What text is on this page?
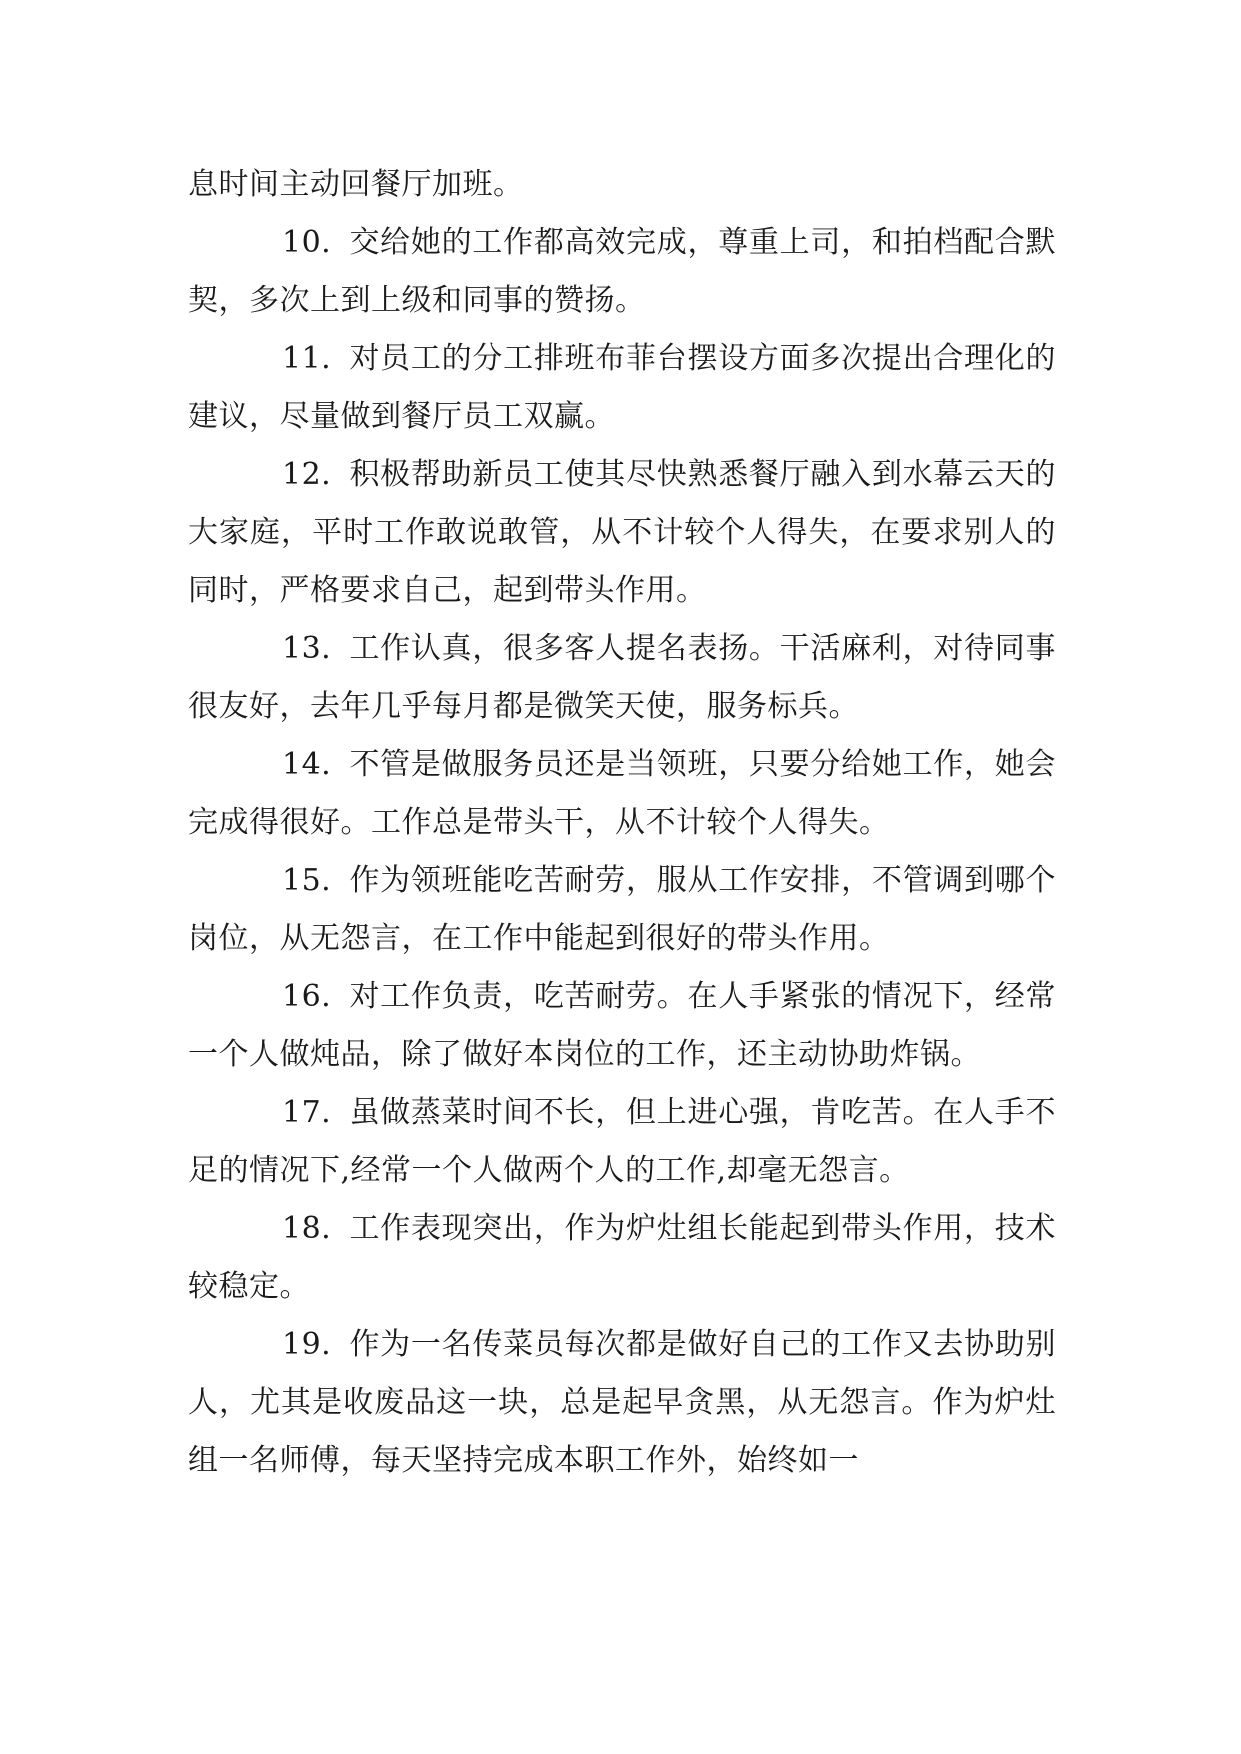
息时间主动回餐厅加班。

10. 交给她的工作都高效完成，尊重上司，和拍档配合默契，多次上到上级和同事的赞扬。

11. 对员工的分工排班布菲台摆设方面多次提出合理化的建议，尽量做到餐厅员工双赢。

12. 积极帮助新员工使其尽快熟悉餐厅融入到水幕云天的大家庭，平时工作敢说敢管，从不计较个人得失，在要求别人的同时，严格要求自己，起到带头作用。

13. 工作认真，很多客人提名表扬。干活麻利，对待同事很友好，去年几乎每月都是微笑天使，服务标兵。

14. 不管是做服务员还是当领班，只要分给她工作，她会完成得很好。工作总是带头干，从不计较个人得失。

15. 作为领班能吃苦耐劳，服从工作安排，不管调到哪个岗位，从无怨言，在工作中能起到很好的带头作用。

16. 对工作负责，吃苦耐劳。在人手紧张的情况下，经常一个人做炖品，除了做好本岗位的工作，还主动协助炸锅。

17. 虽做蒸菜时间不长，但上进心强，肯吃苦。在人手不足的情况下,经常一个人做两个人的工作,却毫无怨言。

18. 工作表现突出，作为炉灶组长能起到带头作用，技术较稳定。

19. 作为一名传菜员每次都是做好自己的工作又去协助别人，尤其是收废品这一块，总是起早贪黑，从无怨言。作为炉灶组一名师傅，每天坚持完成本职工作外，始终如一
